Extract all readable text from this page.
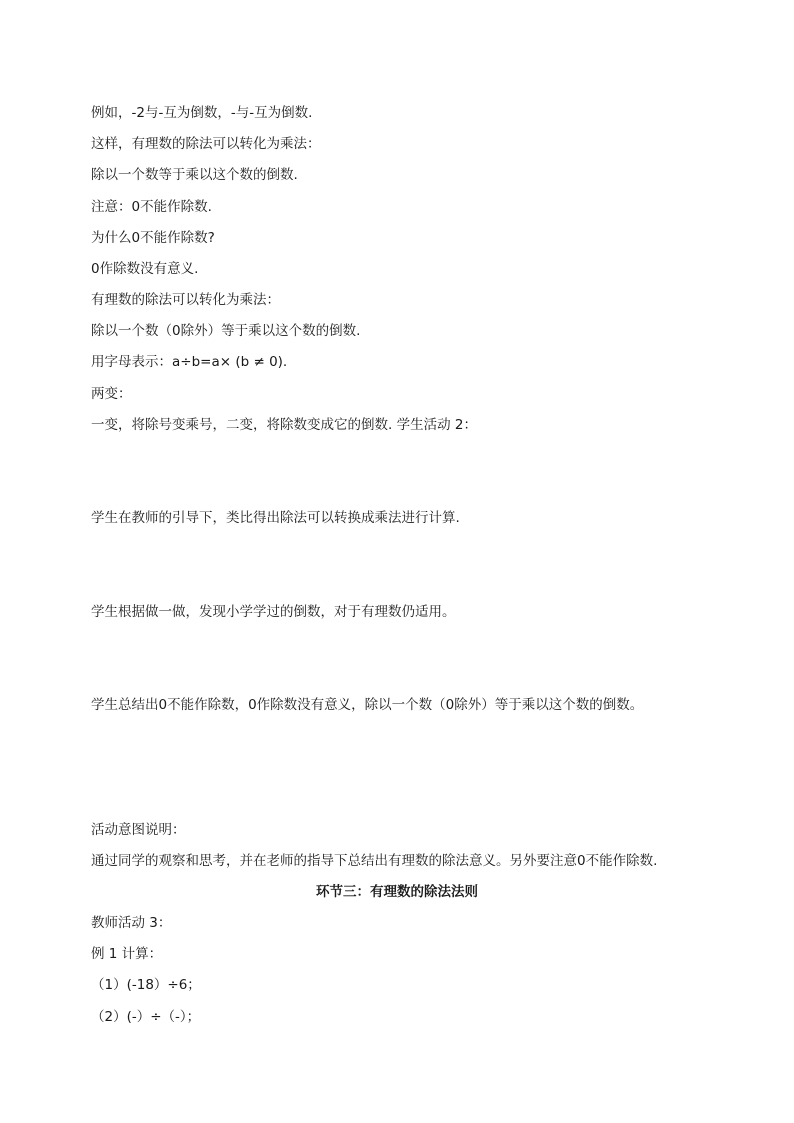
例如，-2与-互为倒数，-与-互为倒数.
这样，有理数的除法可以转化为乘法：
除以一个数等于乘以这个数的倒数.
注意：0不能作除数.
为什么0不能作除数?
0作除数没有意义.
有理数的除法可以转化为乘法：
除以一个数（0除外）等于乘以这个数的倒数.
用字母表示：a÷b=a× (b ≠ 0).
两变：
一变，将除号变乘号，二变，将除数变成它的倒数. 学生活动 2：
学生在教师的引导下，类比得出除法可以转换成乘法进行计算.
学生根据做一做，发现小学学过的倒数，对于有理数仍适用。
学生总结出0不能作除数，0作除数没有意义，除以一个数（0除外）等于乘以这个数的倒数。
活动意图说明：
通过同学的观察和思考，并在老师的指导下总结出有理数的除法意义。另外要注意0不能作除数.
环节三：有理数的除法法则
教师活动 3：
例 1 计算：
（1）(-18）÷6；
（2）(-）÷（-）；
